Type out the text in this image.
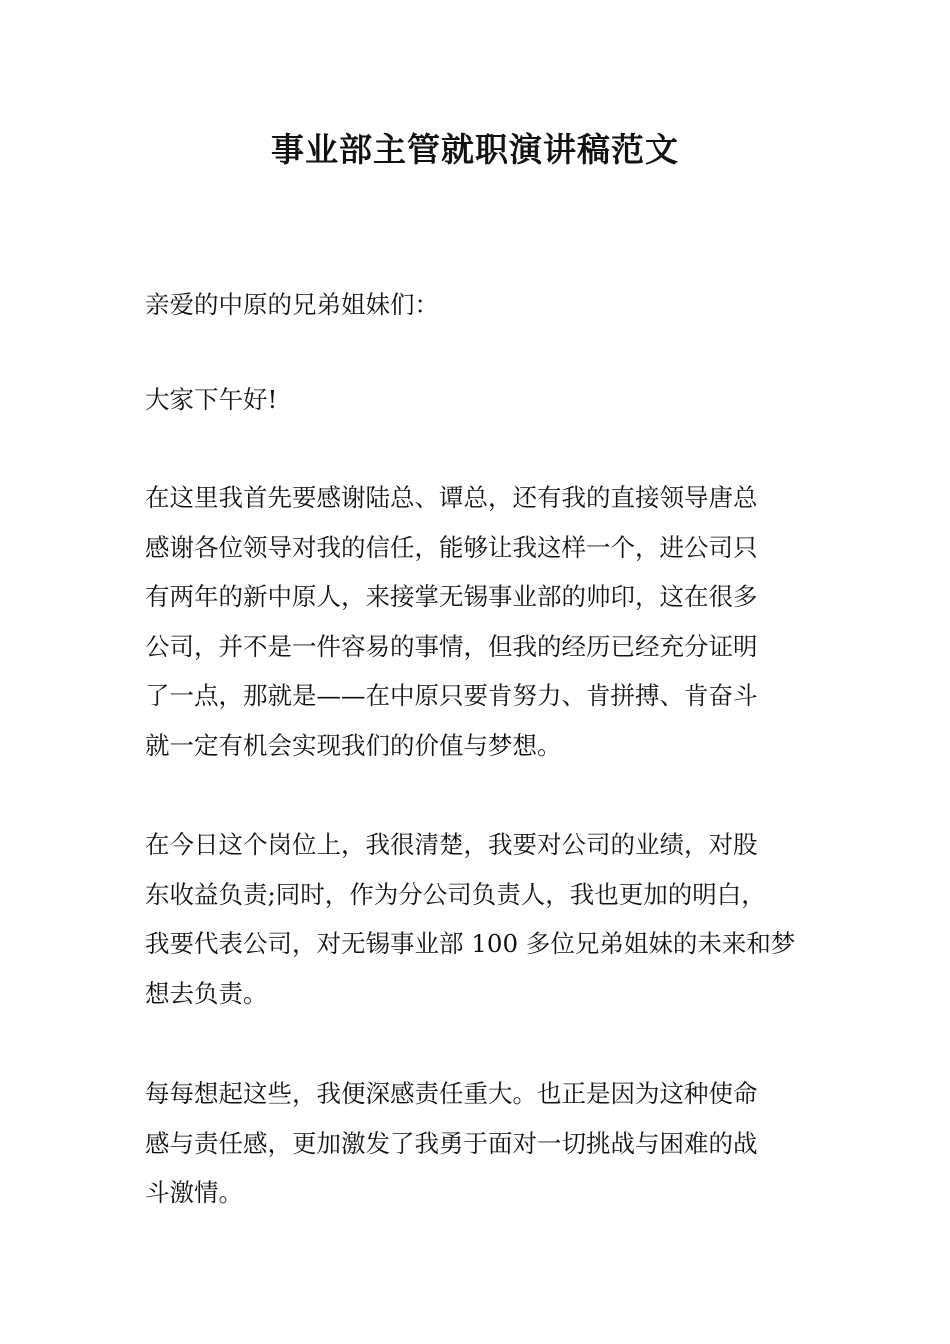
事业部主管就职演讲稿范文

亲爱的中原的兄弟姐妹们：

大家下午好!

在这里我首先要感谢陆总、谭总，还有我的直接领导唐总
感谢各位领导对我的信任，能够让我这样一个，进公司只
有两年的新中原人，来接掌无锡事业部的帅印，这在很多
公司，并不是一件容易的事情，但我的经历已经充分证明
了一点，那就是——在中原只要肯努力、肯拼搏、肯奋斗
就一定有机会实现我们的价值与梦想。

在今日这个岗位上，我很清楚，我要对公司的业绩，对股
东收益负责;同时，作为分公司负责人，我也更加的明白，
我要代表公司，对无锡事业部 100 多位兄弟姐妹的未来和梦
想去负责。

每每想起这些，我便深感责任重大。也正是因为这种使命
感与责任感，更加激发了我勇于面对一切挑战与困难的战
斗激情。
